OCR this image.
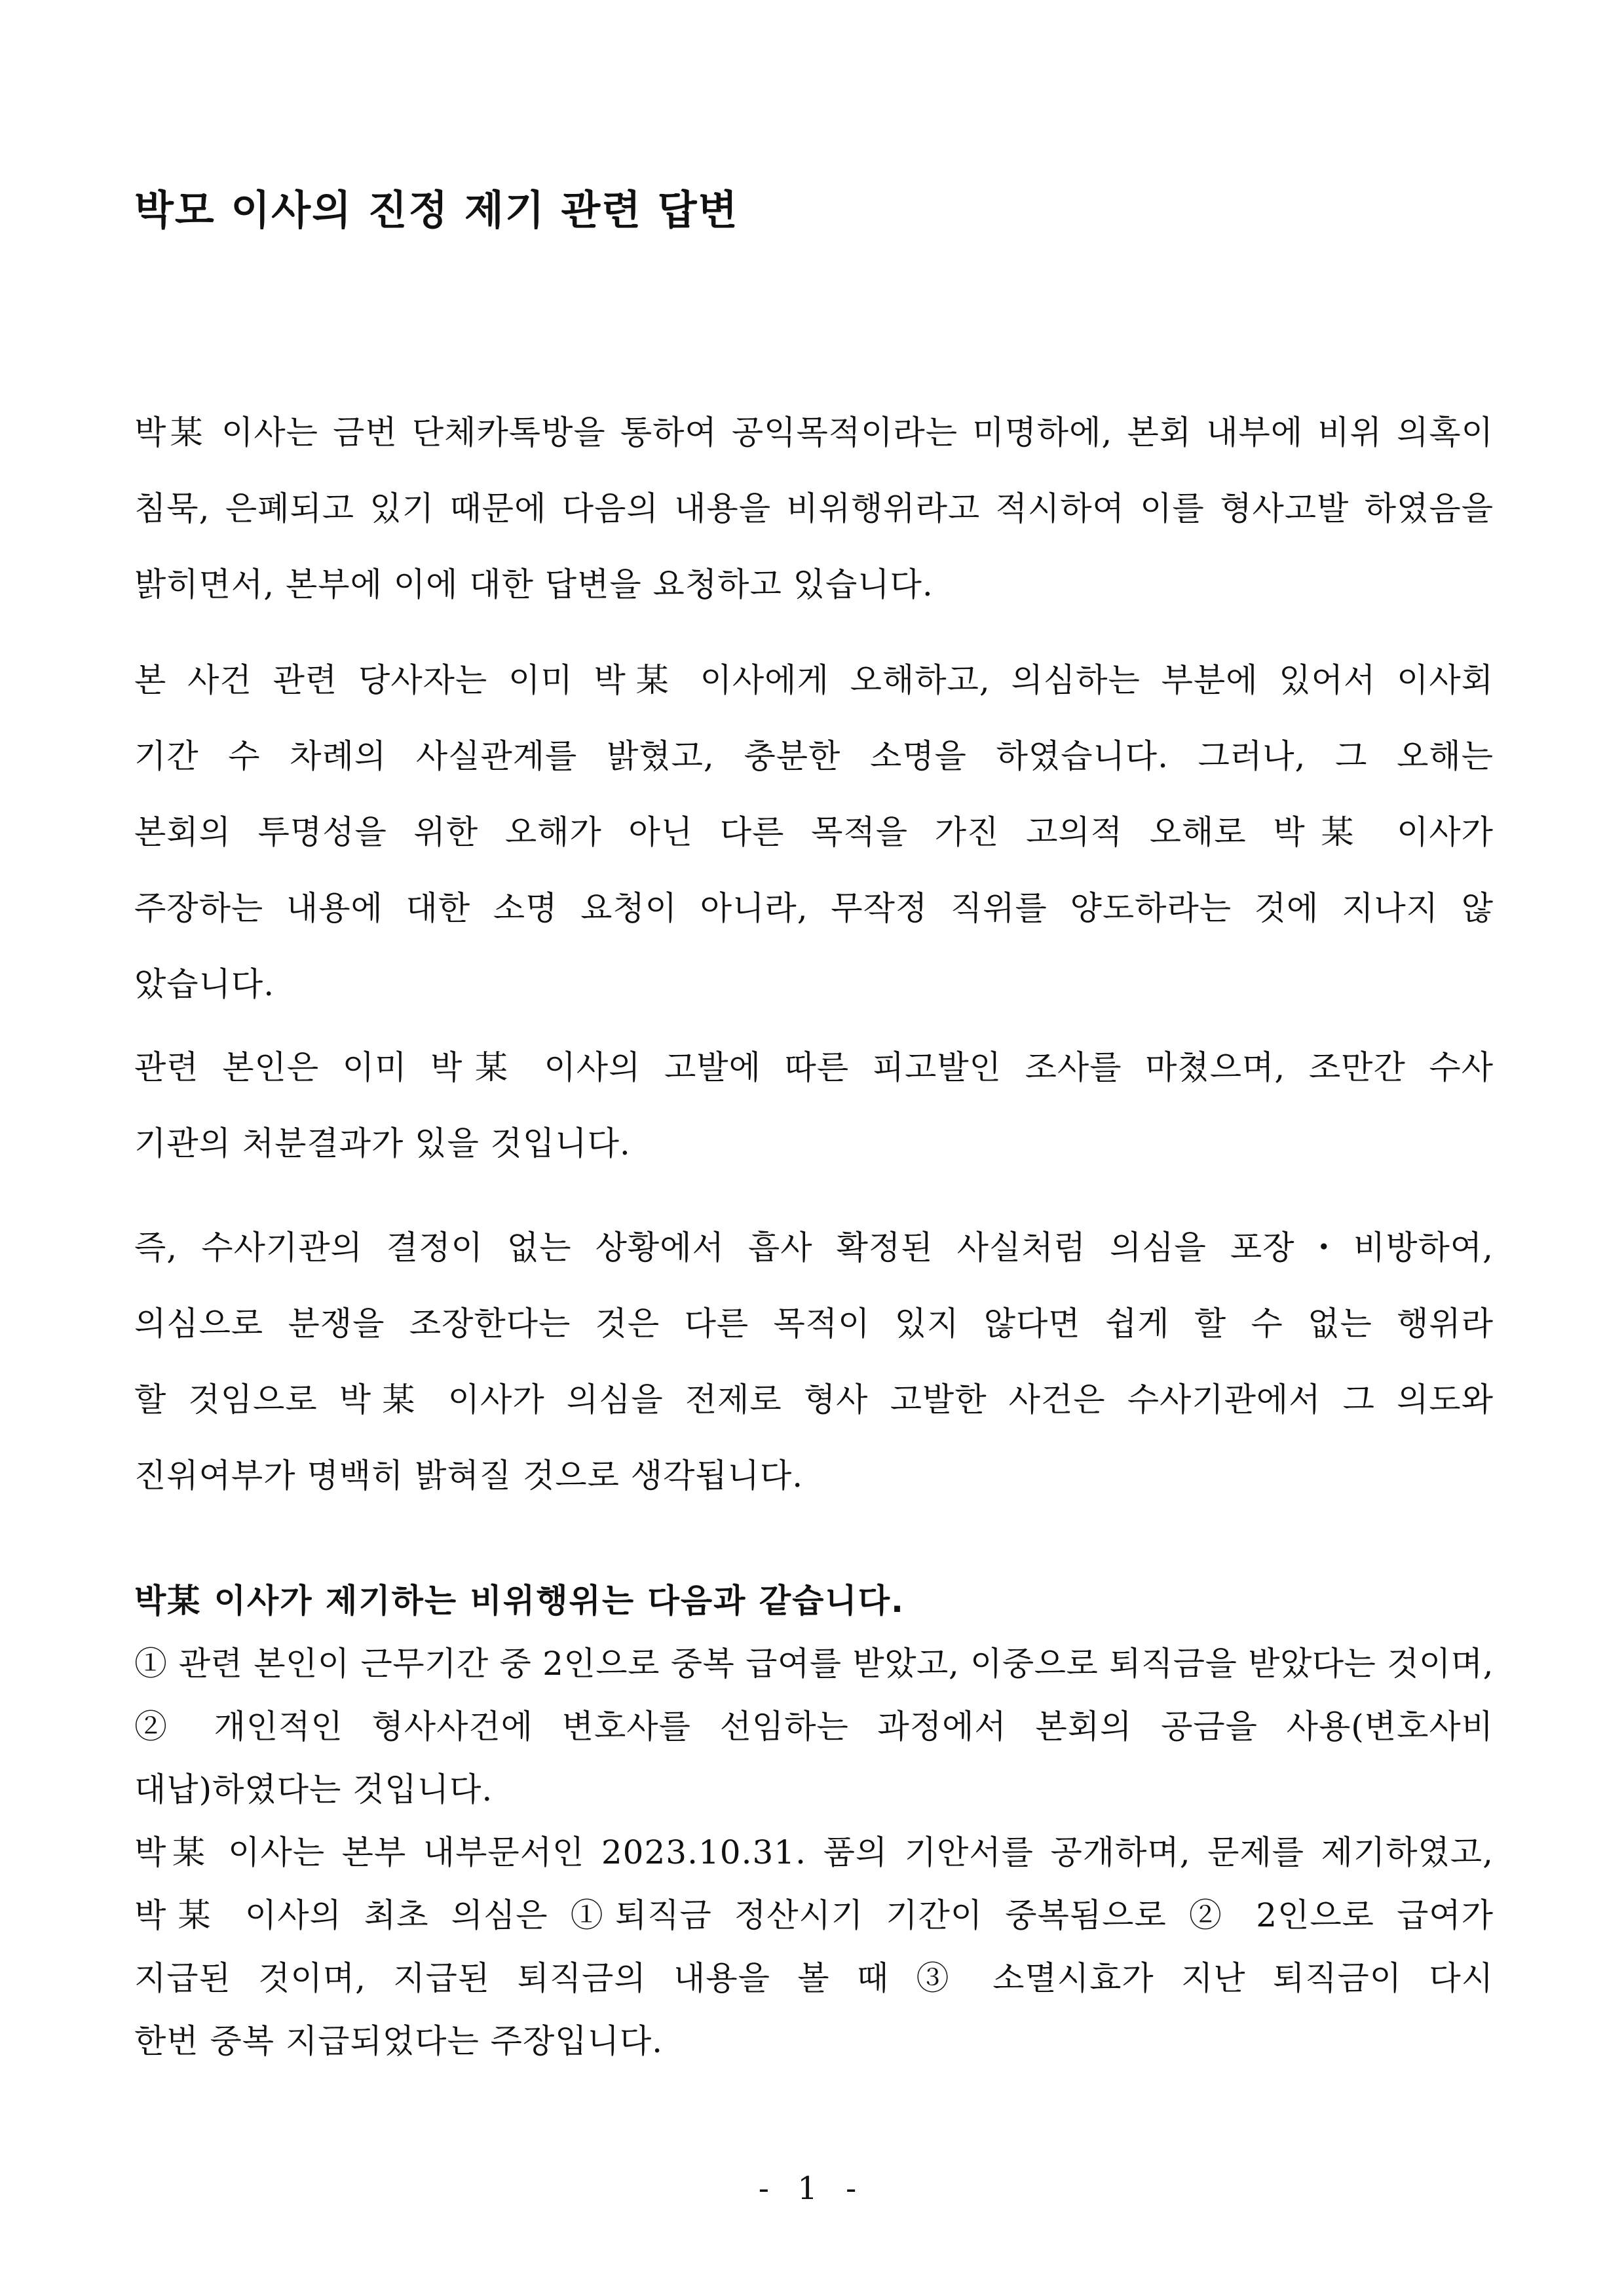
박모 이사의 진정 제기 관련 답변
박某 이사는 금번 단체카톡방을 통하여 공익목적이라는 미명하에, 본회 내부에 비위 의혹이
침묵, 은폐되고 있기 때문에 다음의 내용을 비위행위라고 적시하여 이를 형사고발 하였음을
밝히면서, 본부에 이에 대한 답변을 요청하고 있습니다.
본 사건 관련 당사자는 이미 박某 이사에게 오해하고, 의심하는 부분에 있어서 이사회
기간 수 차례의 사실관계를 밝혔고, 충분한 소명을 하였습니다. 그러나, 그 오해는
본회의 투명성을 위한 오해가 아닌 다른 목적을 가진 고의적 오해로 박某 이사가
주장하는 내용에 대한 소명 요청이 아니라, 무작정 직위를 양도하라는 것에 지나지 않
았습니다.
관련 본인은 이미 박某 이사의 고발에 따른 피고발인 조사를 마쳤으며, 조만간 수사
기관의 처분결과가 있을 것입니다.
즉, 수사기관의 결정이 없는 상황에서 흡사 확정된 사실처럼 의심을 포장・비방하여,
의심으로 분쟁을 조장한다는 것은 다른 목적이 있지 않다면 쉽게 할 수 없는 행위라
할 것임으로 박某 이사가 의심을 전제로 형사 고발한 사건은 수사기관에서 그 의도와
진위여부가 명백히 밝혀질 것으로 생각됩니다.
박某 이사가 제기하는 비위행위는 다음과 같습니다.
① 관련 본인이 근무기간 중 2인으로 중복 급여를 받았고, 이중으로 퇴직금을 받았다는 것이며,
② 개인적인 형사사건에 변호사를 선임하는 과정에서 본회의 공금을 사용(변호사비
대납)하였다는 것입니다.
박某 이사는 본부 내부문서인 2023.10.31. 품의 기안서를 공개하며, 문제를 제기하였고,
박某 이사의 최초 의심은 ①퇴직금 정산시기 기간이 중복됨으로 ② 2인으로 급여가
지급된 것이며, 지급된 퇴직금의 내용을 볼 때 ③ 소멸시효가 지난 퇴직금이 다시
한번 중복 지급되었다는 주장입니다.
- 1 -
